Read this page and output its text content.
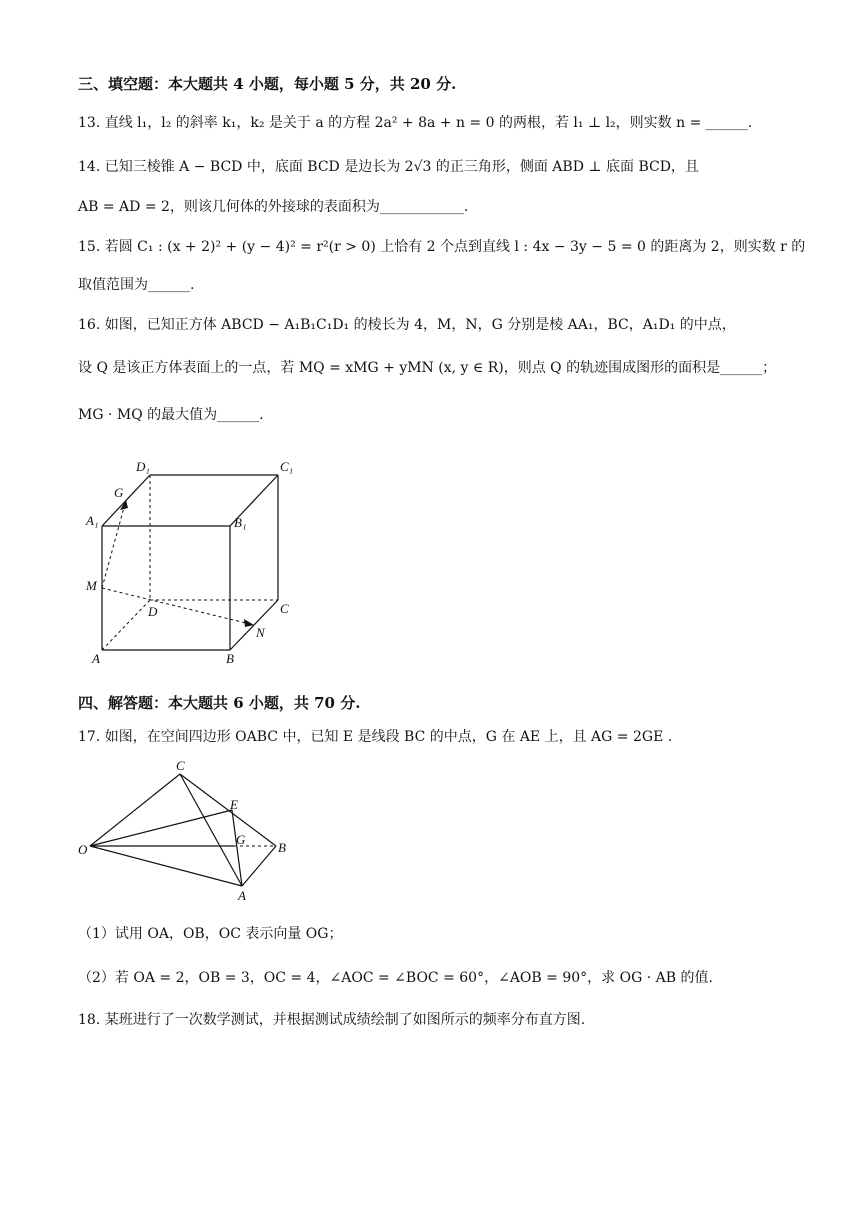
三、填空题：本大题共 4 小题，每小题 5 分，共 20 分.
13. 直线 l₁，l₂ 的斜率 k₁，k₂ 是关于 a 的方程 2a² + 8a + n = 0 的两根，若 l₁ ⊥ l₂，则实数 n = ______.
14. 已知三棱锥 A − BCD 中，底面 BCD 是边长为 2√3 的正三角形，侧面 ABD ⊥ 底面 BCD，且
AB = AD = 2，则该几何体的外接球的表面积为____________.
15. 若圆 C₁ : (x + 2)² + (y − 4)² = r²(r > 0) 上恰有 2 个点到直线 l : 4x − 3y − 5 = 0 的距离为 2，则实数 r 的
取值范围为______.
16. 如图，已知正方体 ABCD − A₁B₁C₁D₁ 的棱长为 4，M，N，G 分别是棱 AA₁，BC，A₁D₁ 的中点，
设 Q 是该正方体表面上的一点，若 MQ = xMG + yMN (x, y ∈ R)，则点 Q 的轨迹围成图形的面积是______；
MG · MQ 的最大值为______.
D₁	C₁
G
A₁	B₁
M
D	C
N
A	B
四、解答题：本大题共 6 小题，共 70 分.
17. 如图，在空间四边形 OABC 中，已知 E 是线段 BC 的中点，G 在 AE 上，且 AG = 2GE .
C
E
G
O	B
A
（1）试用 OA，OB，OC 表示向量 OG；
（2）若 OA = 2，OB = 3，OC = 4，∠AOC = ∠BOC = 60°，∠AOB = 90°，求 OG · AB 的值.
18. 某班进行了一次数学测试，并根据测试成绩绘制了如图所示的频率分布直方图.
